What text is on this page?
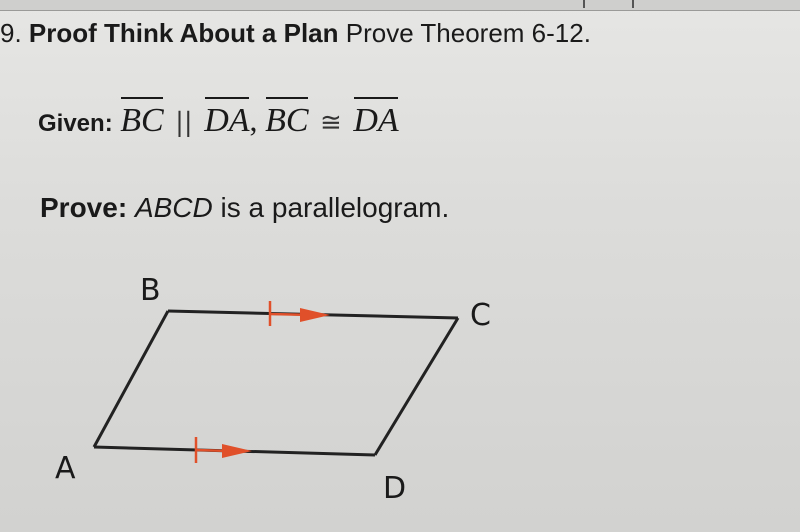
9. Proof Think About a Plan Prove Theorem 6-12.
Given: BC || DA, BC ≅ DA
Prove: ABCD is a parallelogram.
B
C
A
D
